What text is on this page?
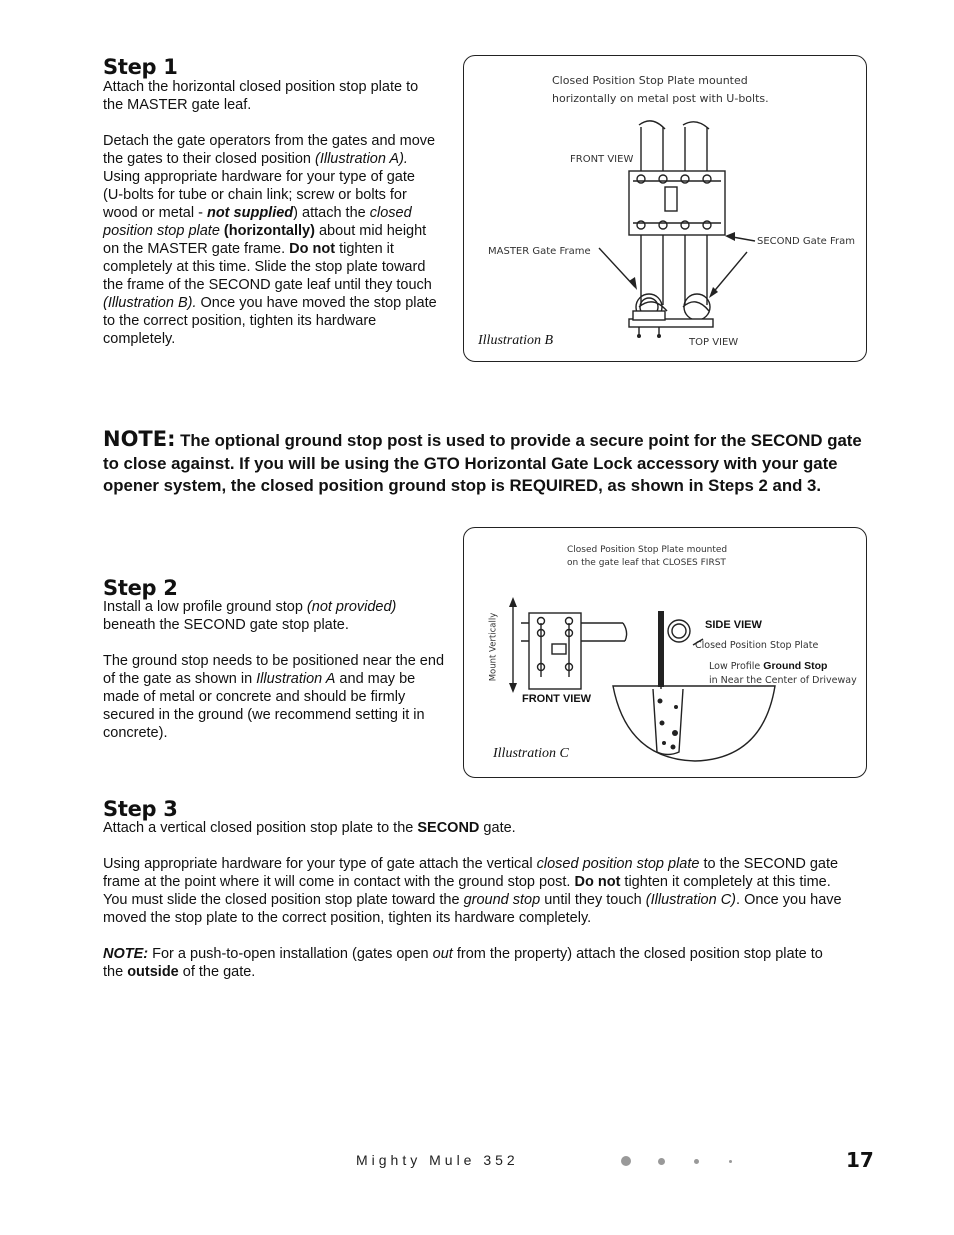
Step 1

Attach the horizontal closed position stop plate to the MASTER gate leaf.

Detach the gate operators from the gates and move the gates to their closed position (Illustration A). Using appropriate hardware for your type of gate (U-bolts for tube or chain link; screw or bolts for wood or metal - not supplied) attach the closed position stop plate (horizontally) about mid height on the MASTER gate frame. Do not tighten it completely at this time. Slide the stop plate toward the frame of the SECOND gate leaf until they touch (Illustration B). Once you have moved the stop plate to the correct position, tighten its hardware completely.

Closed Position Stop Plate mounted
horizontally on metal post with U-bolts.
FRONT VIEW
MASTER Gate Frame
SECOND Gate Fram
TOP VIEW
Illustration B
NOTE: The optional ground stop post is used to provide a secure point for the SECOND gate to close against. If you will be using the GTO Horizontal Gate Lock accessory with your gate opener system, the closed position ground stop is REQUIRED, as shown in Steps 2 and 3.
Step 2

Install a low profile ground stop (not provided) beneath the SECOND gate stop plate.

The ground stop needs to be positioned near the end of the gate as shown in Illustration A and may be made of metal or concrete and should be firmly secured in the ground (we recommend setting it in concrete).

Closed Position Stop Plate mounted
on the gate leaf that CLOSES FIRST
Mount Vertically	SIDE VIEW
Closed Position Stop Plate
Low Profile Ground Stop
in Near the Center of Driveway
FRONT VIEW
Illustration C
Step 3

Attach a vertical closed position stop plate to the SECOND gate.

Using appropriate hardware for your type of gate attach the vertical closed position stop plate to the SECOND gate frame at the point where it will come in contact with the ground stop post. Do not tighten it completely at this time. You must slide the closed position stop plate toward the ground stop until they touch (Illustration C). Once you have moved the stop plate to the correct position, tighten its hardware completely.

NOTE: For a push-to-open installation (gates open out from the property) attach the closed position stop plate to the outside of the gate.

Mighty Mule 352	17
